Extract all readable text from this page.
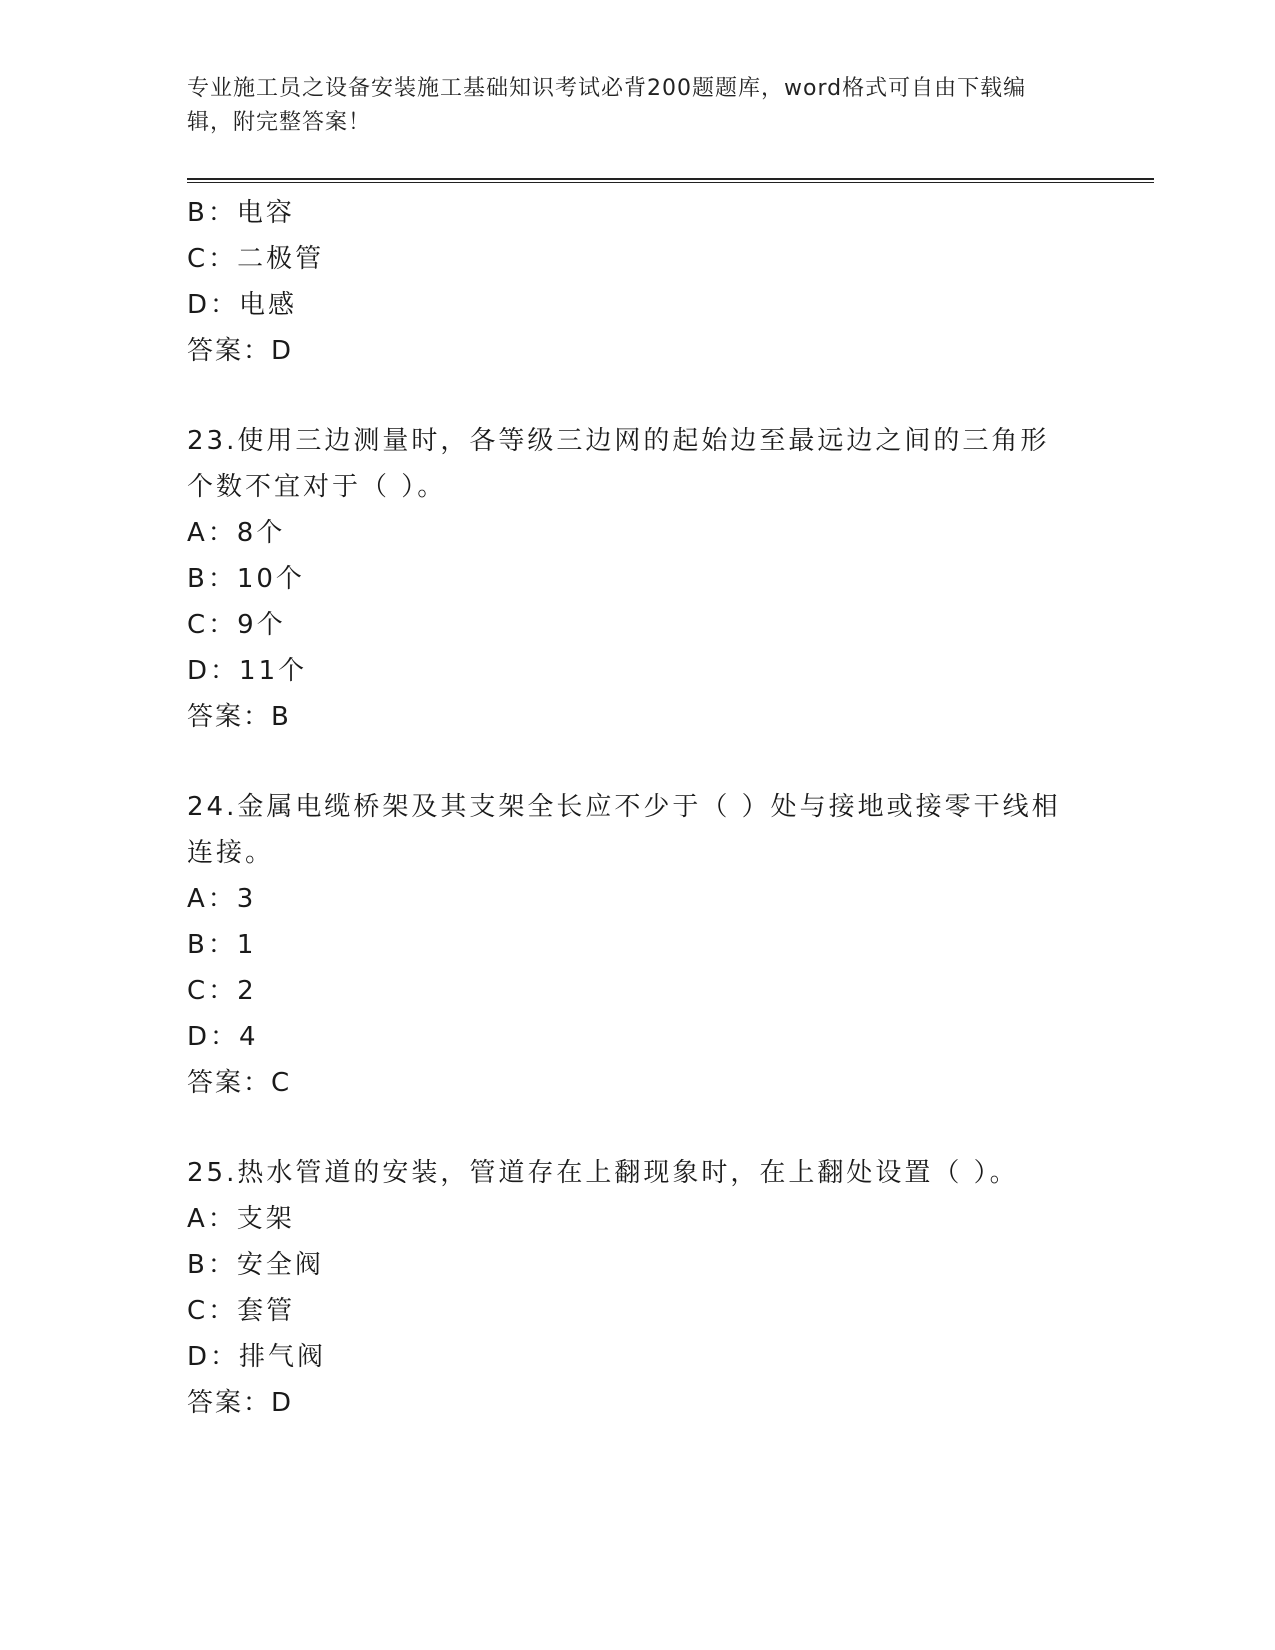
专业施工员之设备安装施工基础知识考试必背200题题库，word格式可自由下载编辑，附完整答案！
B：电容
C：二极管
D：电感
答案：D
23.使用三边测量时，各等级三边网的起始边至最远边之间的三角形个数不宜对于（ ）。
A：8个
B：10个
C：9个
D：11个
答案：B
24.金属电缆桥架及其支架全长应不少于（ ）处与接地或接零干线相连接。
A：3
B：1
C：2
D：4
答案：C
25.热水管道的安装，管道存在上翻现象时，在上翻处设置（ ）。
A：支架
B：安全阀
C：套管
D：排气阀
答案：D
